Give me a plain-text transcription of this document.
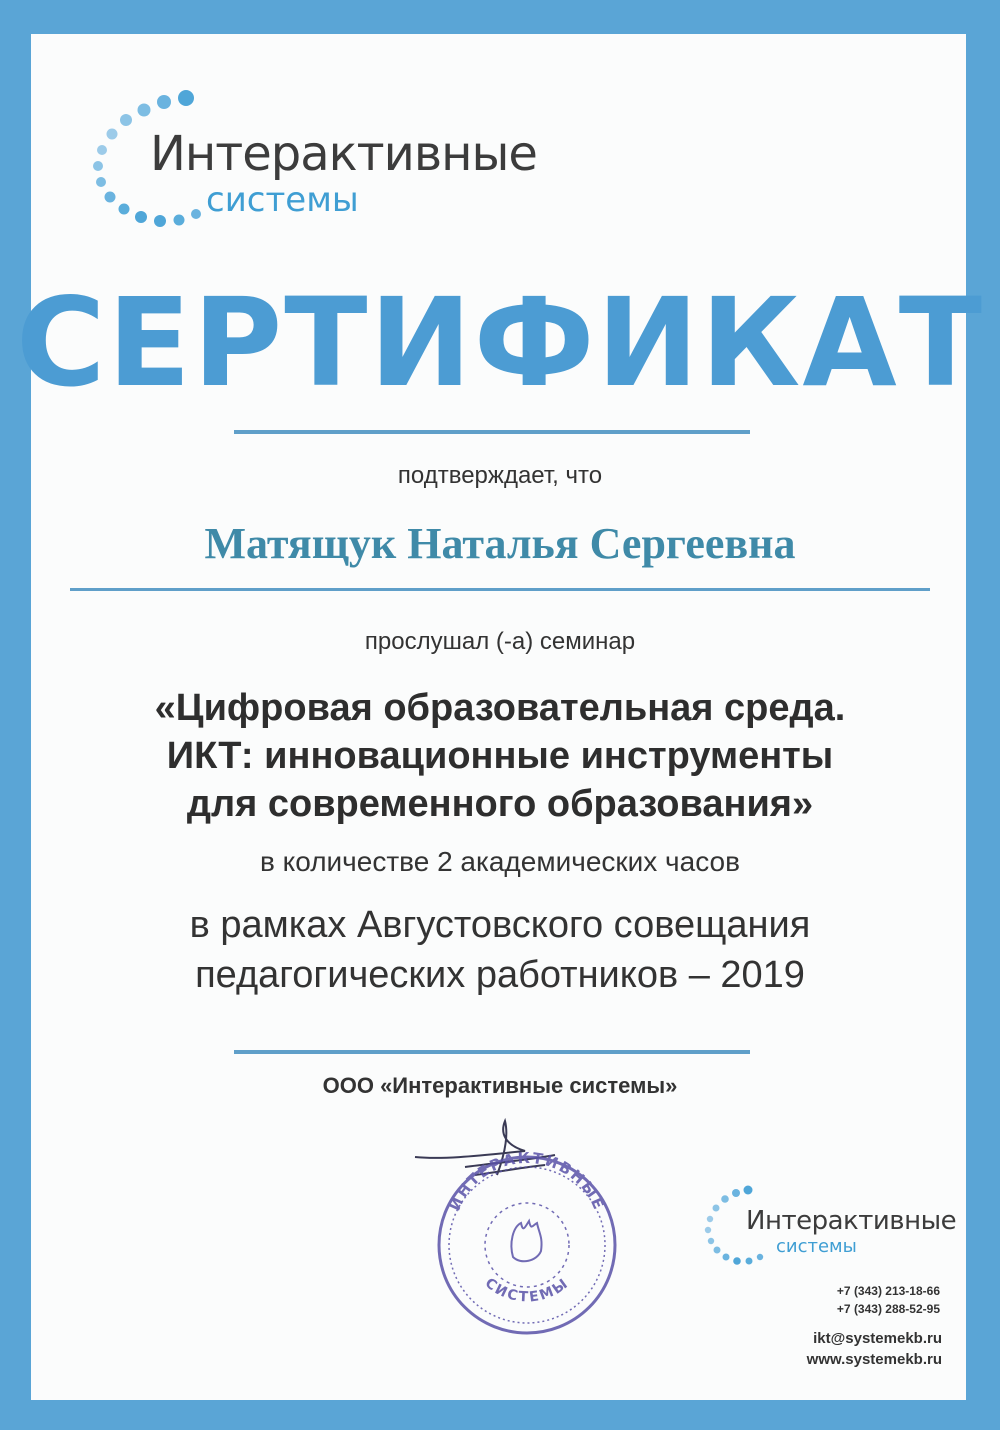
Интерактивные
системы
СЕРТИФИКАТ
подтверждает, что
Матящук Наталья Сергеевна
прослушал (-а) семинар
«Цифровая образовательная среда.
ИКТ: инновационные инструменты
для современного образования»
в количестве 2 академических часов
в рамках Августовского совещания
педагогических работников – 2019
ООО «Интерактивные системы»
ИНТЕРАКТИВНЫЕ
СИСТЕМЫ
Интерактивные
системы
+7 (343) 213-18-66
+7 (343) 288-52-95
ikt@systemekb.ru
www.systemekb.ru
